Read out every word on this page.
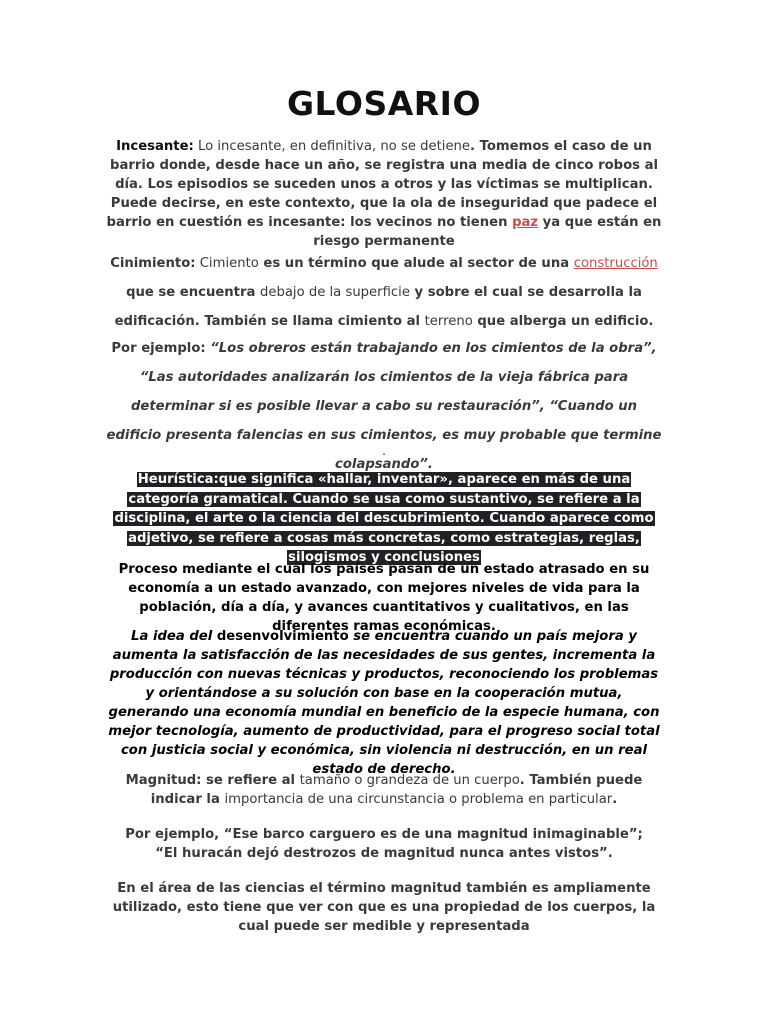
GLOSARIO
Incesante: Lo incesante, en definitiva, no se detiene. Tomemos el caso de un barrio donde, desde hace un año, se registra una media de cinco robos al día. Los episodios se suceden unos a otros y las víctimas se multiplican. Puede decirse, en este contexto, que la ola de inseguridad que padece el barrio en cuestión es incesante: los vecinos no tienen paz ya que están en riesgo permanente
Cinimiento: Cimiento es un término que alude al sector de una construcción que se encuentra debajo de la superficie y sobre el cual se desarrolla la edificación. También se llama cimiento al terreno que alberga un edificio.
Por ejemplo: “Los obreros están trabajando en los cimientos de la obra”, “Las autoridades analizarán los cimientos de la vieja fábrica para determinar si es posible llevar a cabo su restauración”, “Cuando un edificio presenta falencias en sus cimientos, es muy probable que termine colapsando”.
.
Heurística:que significa «hallar, inventar», aparece en más de una categoría gramatical. Cuando se usa como sustantivo, se refiere a la disciplina, el arte o la ciencia del descubrimiento. Cuando aparece como adjetivo, se refiere a cosas más concretas, como estrategias, reglas, silogismos y conclusiones
Proceso mediante el cual los países pasan de un estado atrasado en su economía a un estado avanzado, con mejores niveles de vida para la población, día a día, y avances cuantitativos y cualitativos, en las diferentes ramas económicas.
La idea del desenvolvimiento se encuentra cuando un país mejora y aumenta la satisfacción de las necesidades de sus gentes, incrementa la producción con nuevas técnicas y productos, reconociendo los problemas y orientándose a su solución con base en la cooperación mutua, generando una economía mundial en beneficio de la especie humana, con mejor tecnología, aumento de productividad, para el progreso social total con justicia social y económica, sin violencia ni destrucción, en un real estado de derecho.
Magnitud: se refiere al tamaño o grandeza de un cuerpo. También puede indicar la importancia de una circunstancia o problema en particular.
Por ejemplo, “Ese barco carguero es de una magnitud inimaginable”; “El huracán dejó destrozos de magnitud nunca antes vistos”.
En el área de las ciencias el término magnitud también es ampliamente utilizado, esto tiene que ver con que es una propiedad de los cuerpos, la cual puede ser medible y representada
